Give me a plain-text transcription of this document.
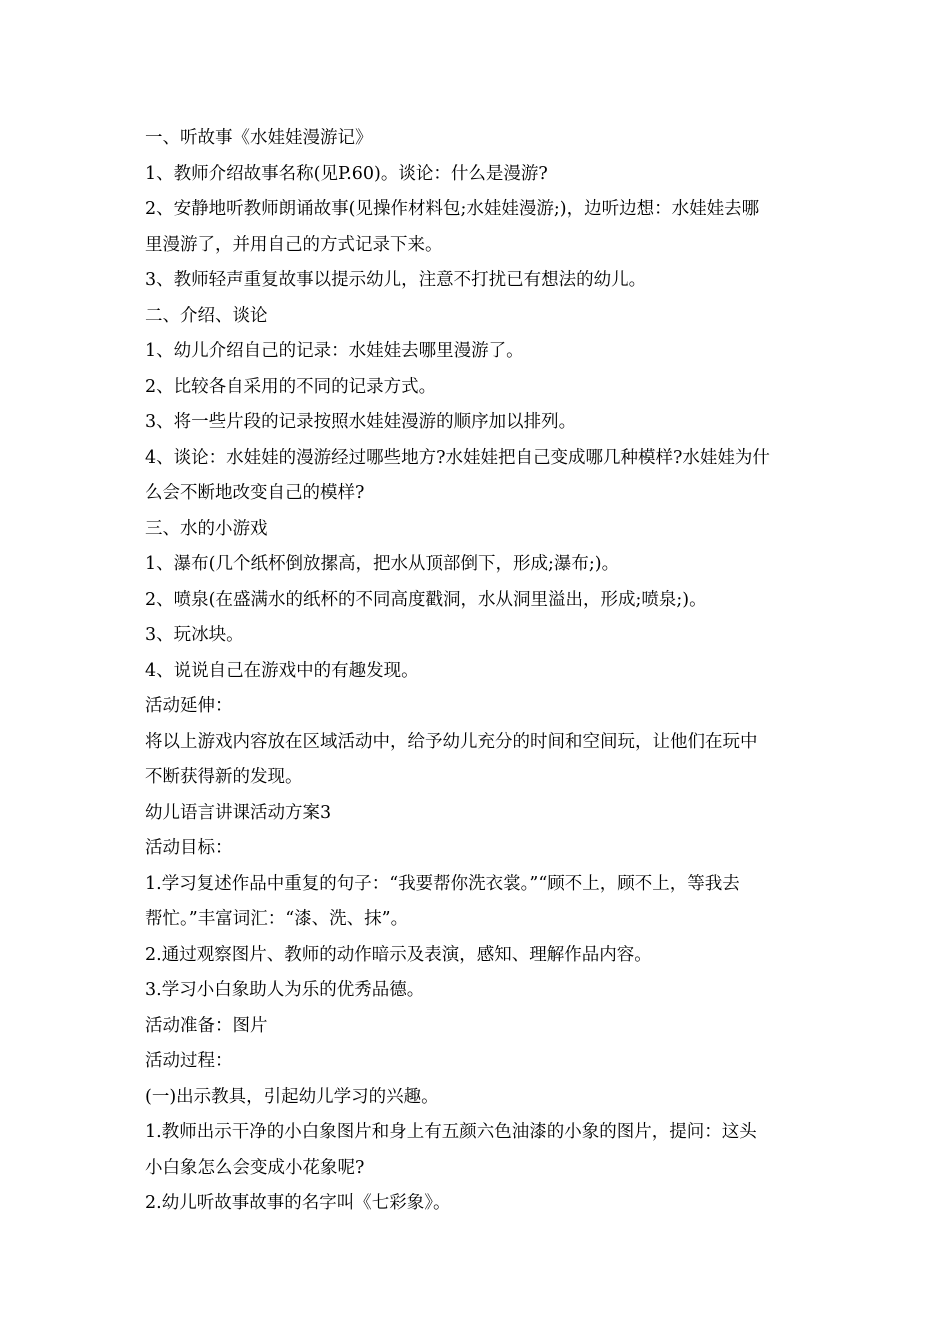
一、听故事《水娃娃漫游记》
1、教师介绍故事名称(见P.60)。谈论：什么是漫游?
2、安静地听教师朗诵故事(见操作材料包;水娃娃漫游;)，边听边想：水娃娃去哪
里漫游了，并用自己的方式记录下来。
3、教师轻声重复故事以提示幼儿，注意不打扰已有想法的幼儿。
二、介绍、谈论
1、幼儿介绍自己的记录：水娃娃去哪里漫游了。
2、比较各自采用的不同的记录方式。
3、将一些片段的记录按照水娃娃漫游的顺序加以排列。
4、谈论：水娃娃的漫游经过哪些地方?水娃娃把自己变成哪几种模样?水娃娃为什
么会不断地改变自己的模样?
三、水的小游戏
1、瀑布(几个纸杯倒放摞高，把水从顶部倒下，形成;瀑布;)。
2、喷泉(在盛满水的纸杯的不同高度戳洞，水从洞里溢出，形成;喷泉;)。
3、玩冰块。
4、说说自己在游戏中的有趣发现。
活动延伸：
将以上游戏内容放在区域活动中，给予幼儿充分的时间和空间玩，让他们在玩中
不断获得新的发现。
幼儿语言讲课活动方案3
活动目标：
1.学习复述作品中重复的句子：“我要帮你洗衣裳。”“顾不上，顾不上，等我去
帮忙。”丰富词汇：“漆、洗、抹”。
2.通过观察图片、教师的动作暗示及表演，感知、理解作品内容。
3.学习小白象助人为乐的优秀品德。
活动准备：图片
活动过程：
(一)出示教具，引起幼儿学习的兴趣。
1.教师出示干净的小白象图片和身上有五颜六色油漆的小象的图片，提问：这头
小白象怎么会变成小花象呢?
2.幼儿听故事故事的名字叫《七彩象》。
